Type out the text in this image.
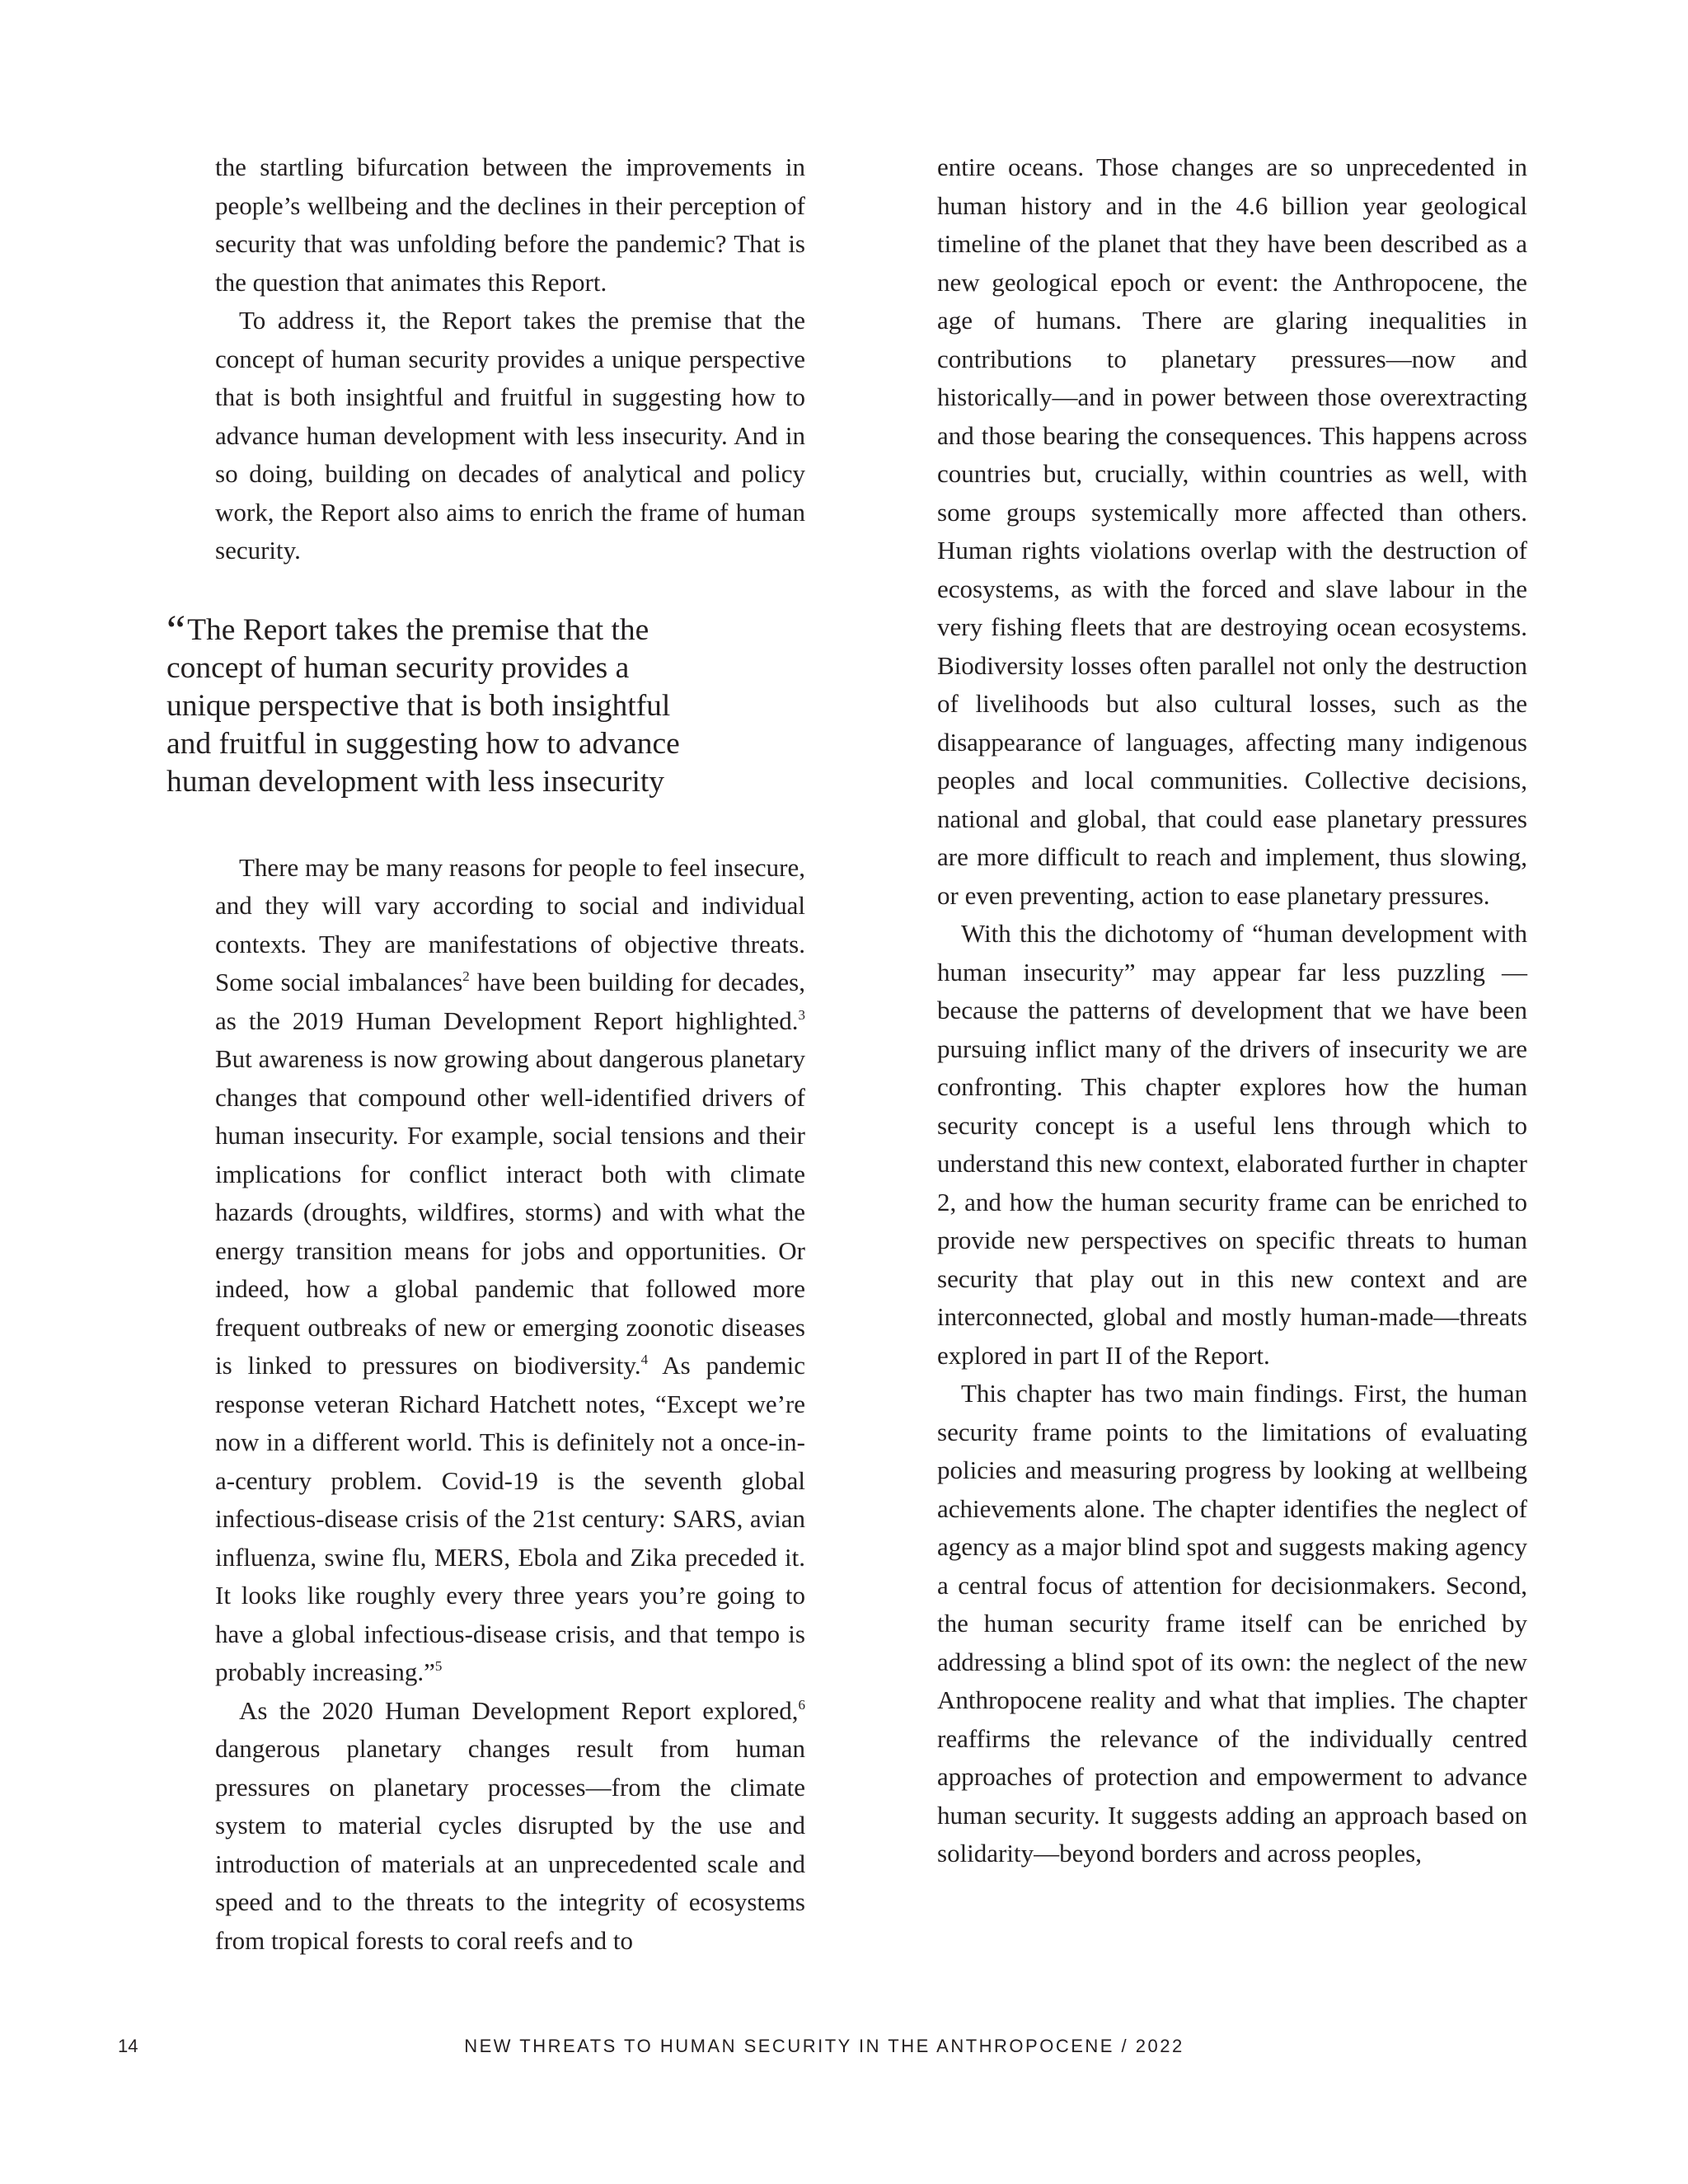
the startling bifurcation between the improvements in people’s wellbeing and the declines in their perception of security that was unfolding before the pandemic? That is the question that animates this Report.

To address it, the Report takes the premise that the concept of human security provides a unique perspective that is both insightful and fruitful in suggesting how to advance human development with less insecurity. And in so doing, building on decades of analytical and policy work, the Report also aims to enrich the frame of human security.

“The Report takes the premise that the concept of human security provides a unique perspective that is both insightful and fruitful in suggesting how to advance human development with less insecurity

There may be many reasons for people to feel insecure, and they will vary according to social and individual contexts. They are manifestations of objective threats. Some social imbalances$^2$ have been building for decades, as the 2019 Human Development Report highlighted.$^3$ But awareness is now growing about dangerous planetary changes that compound other well-identified drivers of human insecurity. For example, social tensions and their implications for conflict interact both with climate hazards (droughts, wildfires, storms) and with what the energy transition means for jobs and opportunities. Or indeed, how a global pandemic that followed more frequent outbreaks of new or emerging zoonotic diseases is linked to pressures on biodiversity.$^4$ As pandemic response veteran Richard Hatchett notes, “Except we’re now in a different world. This is definitely not a once-in-a-century problem. Covid-19 is the seventh global infectious-disease crisis of the 21st century: SARS, avian influenza, swine flu, MERS, Ebola and Zika preceded it. It looks like roughly every three years you’re going to have a global infectious-disease crisis, and that tempo is probably increasing.”$^5$

As the 2020 Human Development Report explored,$^6$ dangerous planetary changes result from human pressures on planetary processes—from the climate system to material cycles disrupted by the use and introduction of materials at an unprecedented scale and speed and to the threats to the integrity of ecosystems from tropical forests to coral reefs and to

entire oceans. Those changes are so unprecedented in human history and in the 4.6 billion year geological timeline of the planet that they have been described as a new geological epoch or event: the Anthropocene, the age of humans. There are glaring inequalities in contributions to planetary pressures—now and historically—and in power between those overextracting and those bearing the consequences. This happens across countries but, crucially, within countries as well, with some groups systemically more affected than others. Human rights violations overlap with the destruction of ecosystems, as with the forced and slave labour in the very fishing fleets that are destroying ocean ecosystems. Biodiversity losses often parallel not only the destruction of livelihoods but also cultural losses, such as the disappearance of languages, affecting many indigenous peoples and local communities. Collective decisions, national and global, that could ease planetary pressures are more difficult to reach and implement, thus slowing, or even preventing, action to ease planetary pressures.

With this the dichotomy of “human development with human insecurity” may appear far less puzzling —because the patterns of development that we have been pursuing inflict many of the drivers of insecurity we are confronting. This chapter explores how the human security concept is a useful lens through which to understand this new context, elaborated further in chapter 2, and how the human security frame can be enriched to provide new perspectives on specific threats to human security that play out in this new context and are interconnected, global and mostly human-made—threats explored in part II of the Report.

This chapter has two main findings. First, the human security frame points to the limitations of evaluating policies and measuring progress by looking at wellbeing achievements alone. The chapter identifies the neglect of agency as a major blind spot and suggests making agency a central focus of attention for decisionmakers. Second, the human security frame itself can be enriched by addressing a blind spot of its own: the neglect of the new Anthropocene reality and what that implies. The chapter reaffirms the relevance of the individually centred approaches of protection and empowerment to advance human security. It suggests adding an approach based on solidarity—beyond borders and across peoples,

14	NEW THREATS TO HUMAN SECURITY IN THE ANTHROPOCENE / 2022
